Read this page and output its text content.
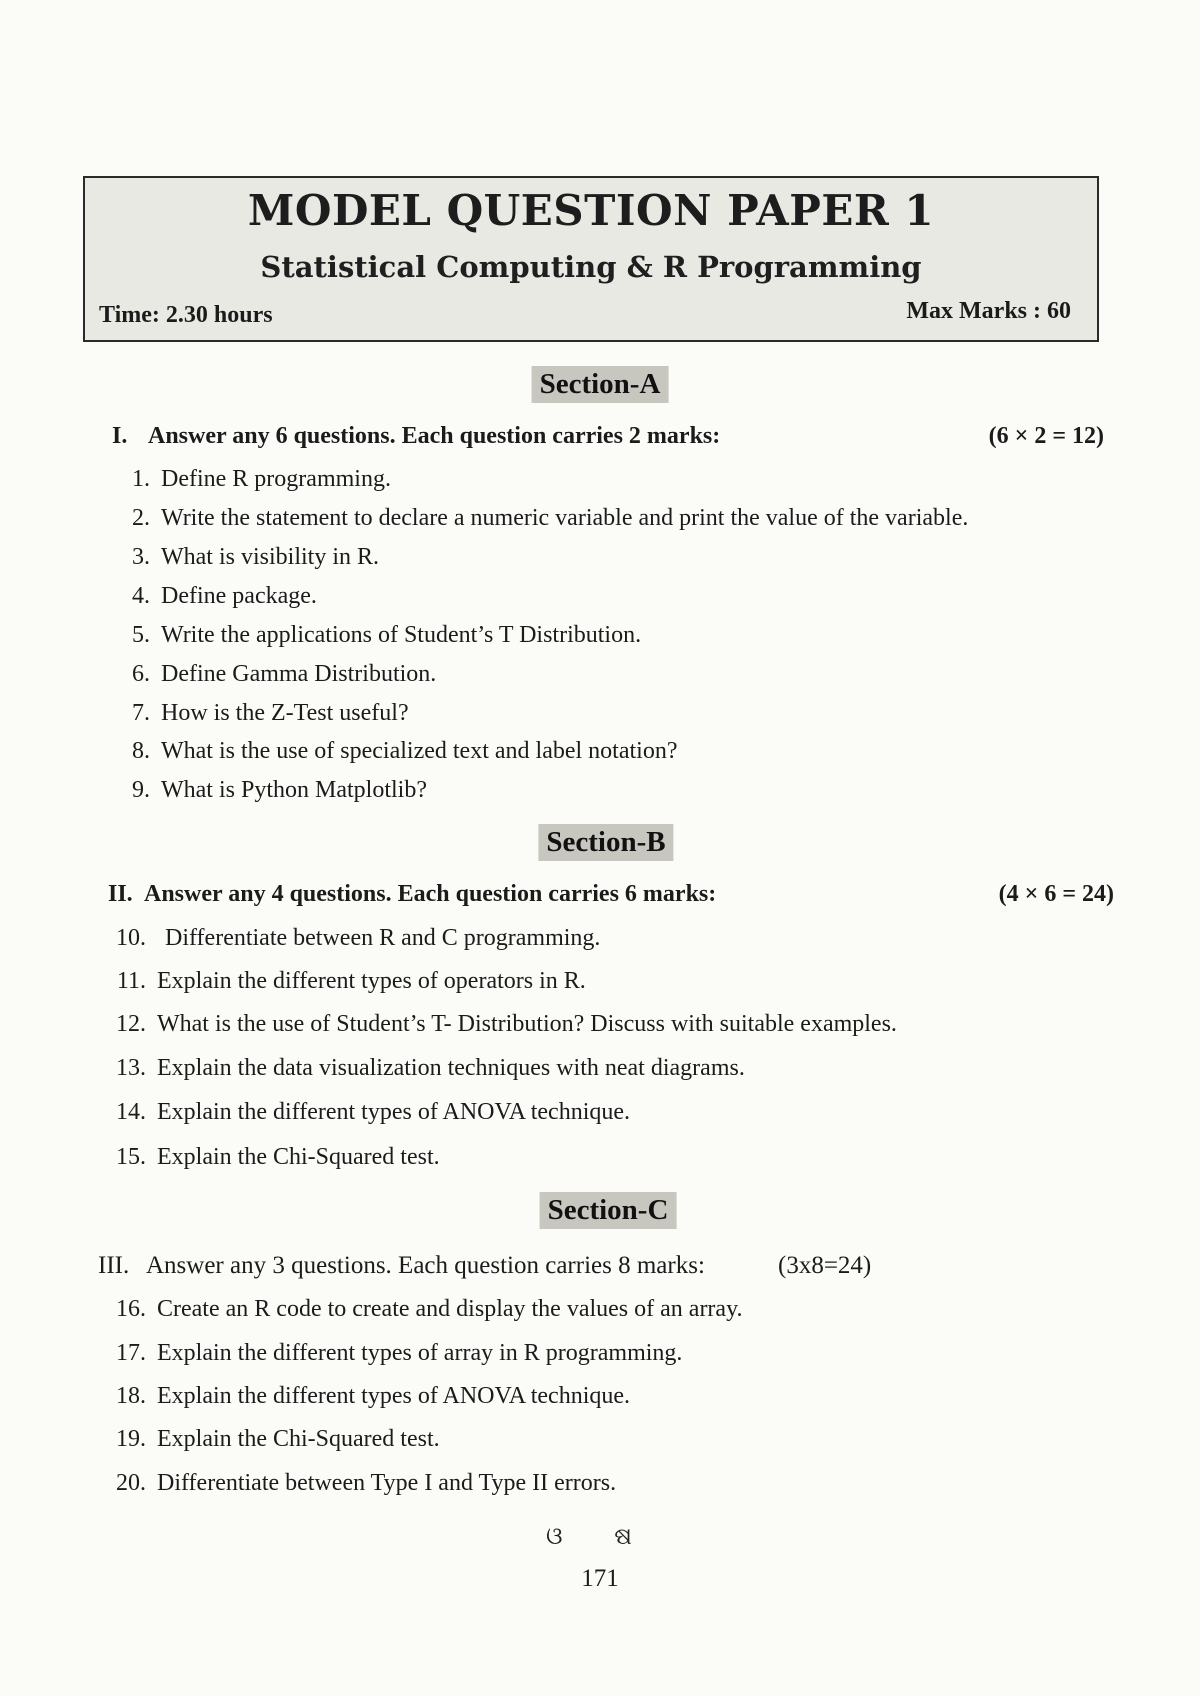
MODEL QUESTION PAPER 1
Statistical Computing & R Programming
Time: 2.30 hours	Max Marks : 60
Section-A
I. Answer any 6 questions. Each question carries 2 marks:	(6 × 2 = 12)
1. Define R programming.
2. Write the statement to declare a numeric variable and print the value of the variable.
3. What is visibility in R.
4. Define package.
5. Write the applications of Student’s T Distribution.
6. Define Gamma Distribution.
7. How is the Z-Test useful?
8. What is the use of specialized text and label notation?
9. What is Python Matplotlib?
Section-B
II. Answer any 4 questions. Each question carries 6 marks:	(4 × 6 = 24)
10. Differentiate between R and C programming.
11. Explain the different types of operators in R.
12. What is the use of Student’s T- Distribution? Discuss with suitable examples.
13. Explain the data visualization techniques with neat diagrams.
14. Explain the different types of ANOVA technique.
15. Explain the Chi-Squared test.
Section-C
III. Answer any 3 questions. Each question carries 8 marks:	(3x8=24)
16. Create an R code to create and display the values of an array.
17. Explain the different types of array in R programming.
18. Explain the different types of ANOVA technique.
19. Explain the Chi-Squared test.
20. Differentiate between Type I and Type II errors.
ଓ ଷ
171
